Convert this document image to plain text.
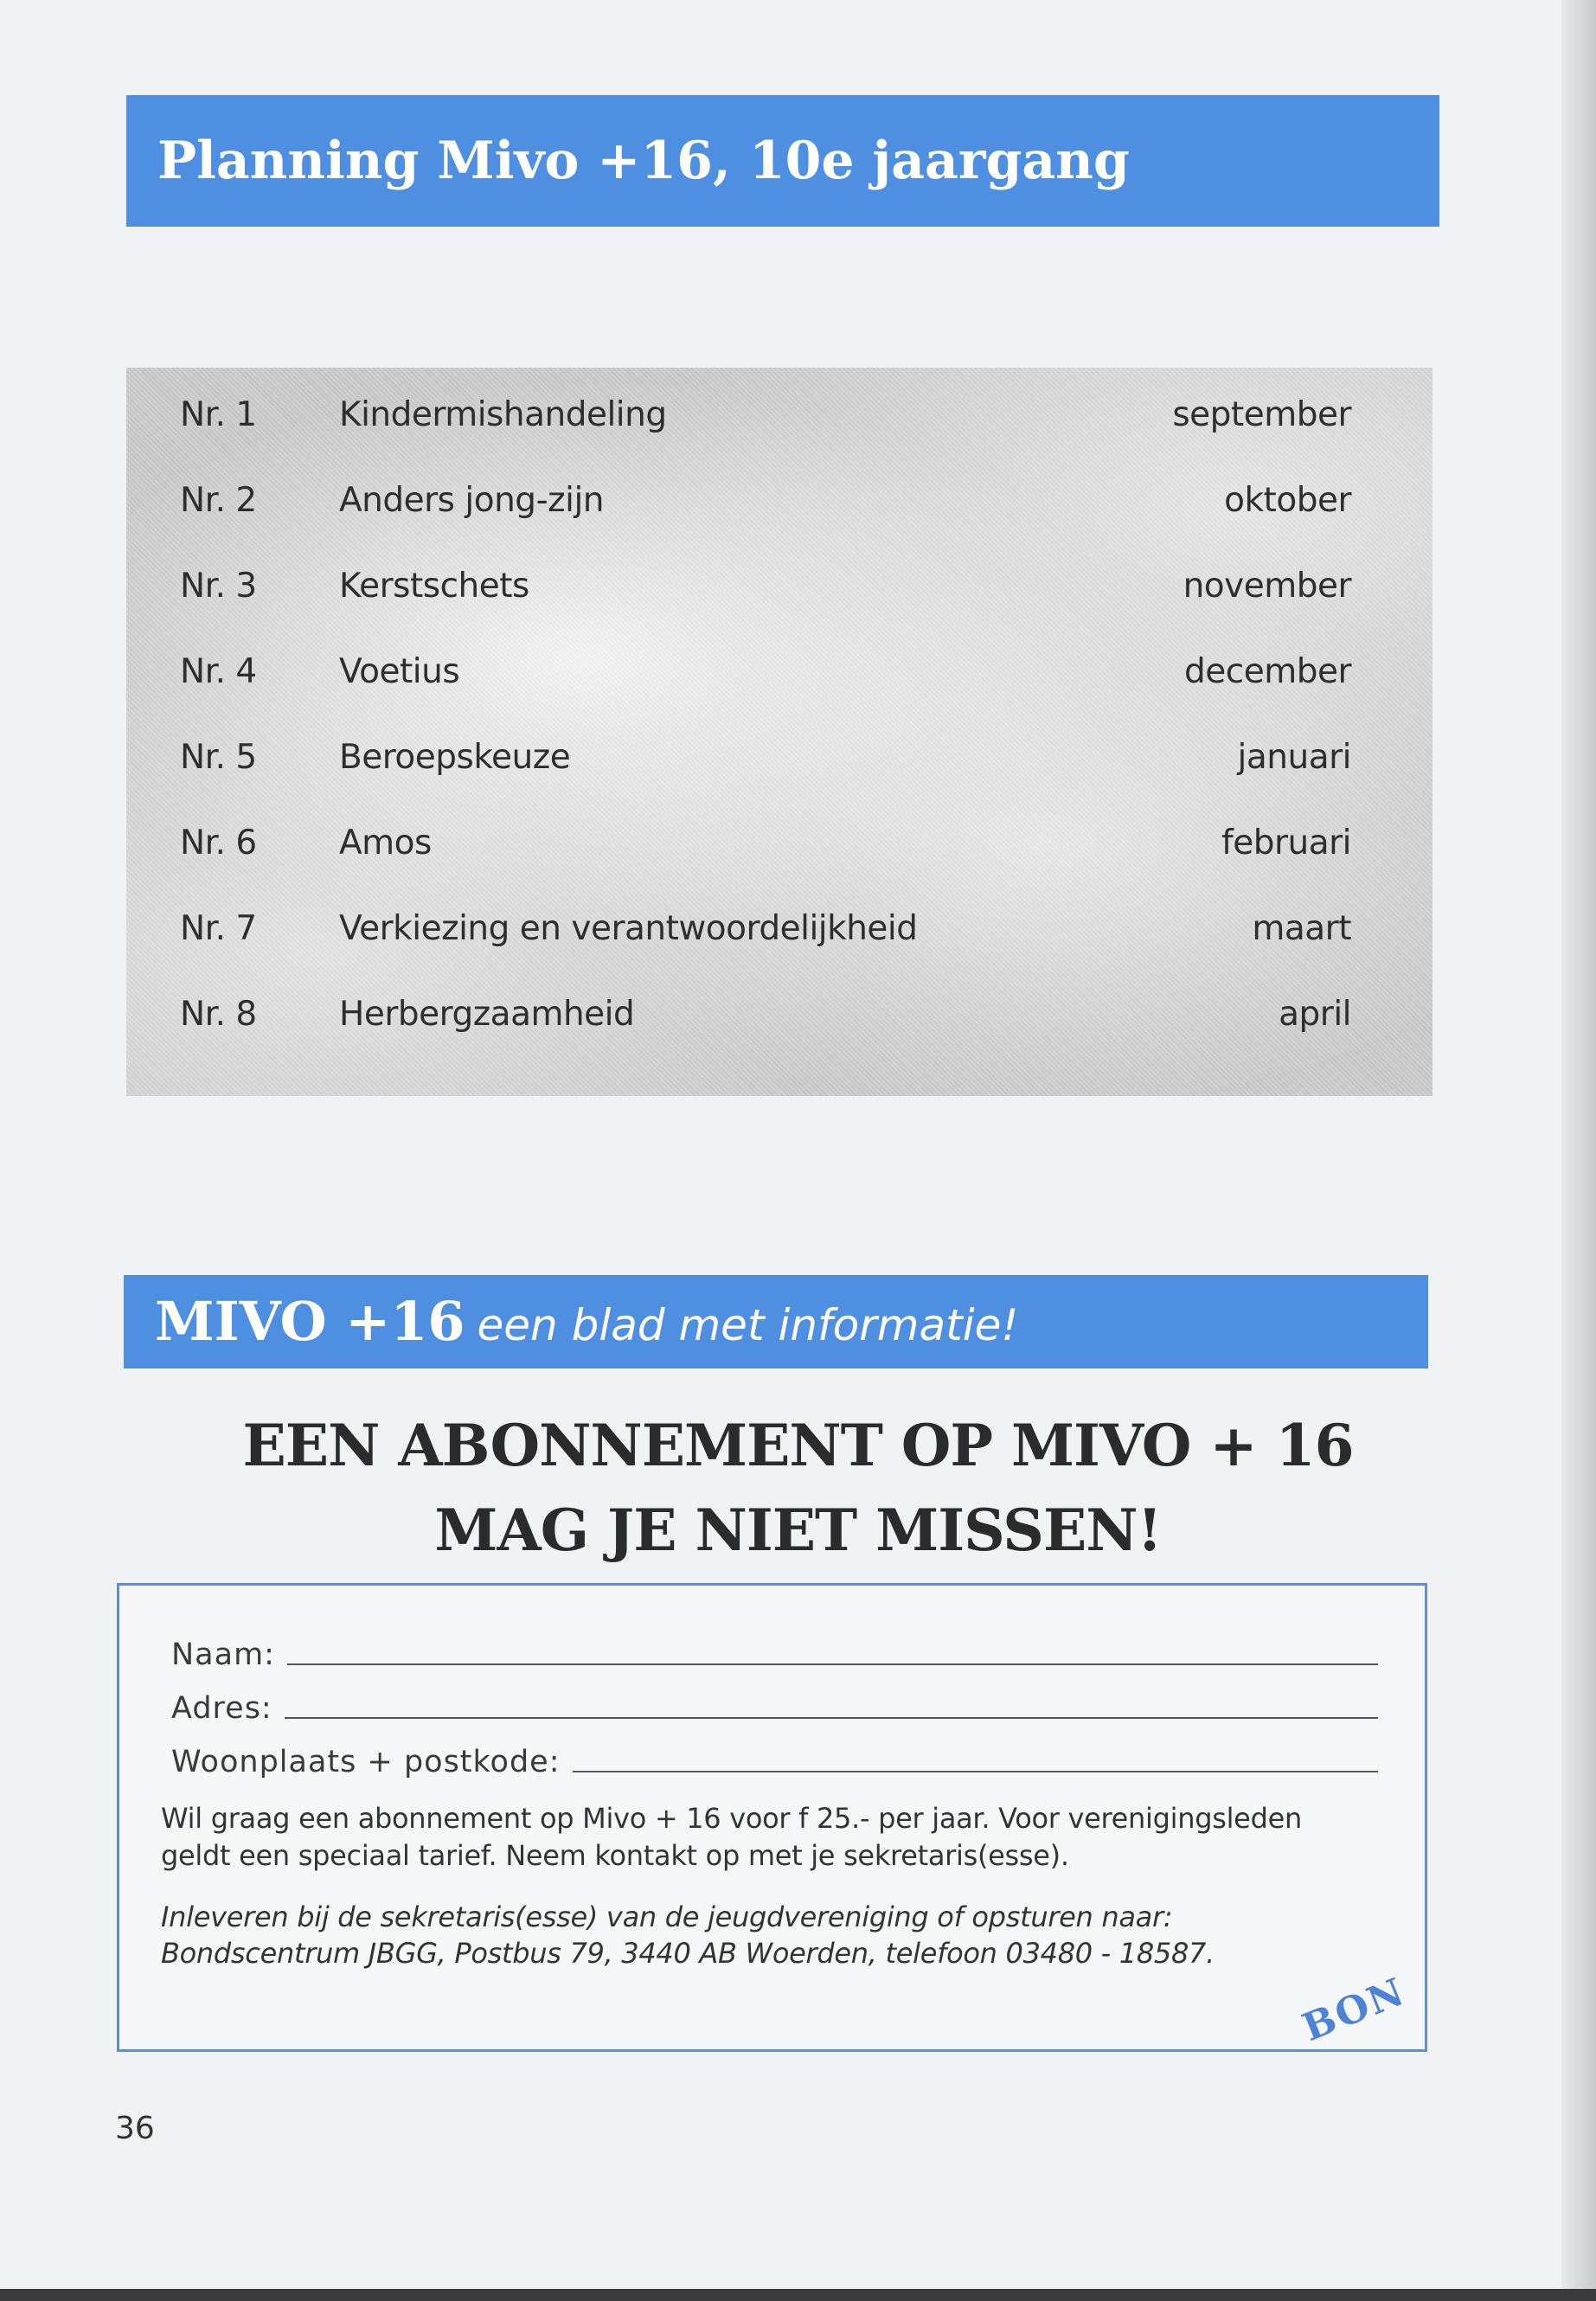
Planning Mivo +16, 10e jaargang
Nr. 1 Kindermishandeling	september
Nr. 2 Anders jong-zijn	oktober
Nr. 3 Kerstschets	november
Nr. 4 Voetius	december
Nr. 5 Beroepskeuze	januari
Nr. 6 Amos	februari
Nr. 7 Verkiezing en verantwoordelijkheid	maart
Nr. 8 Herbergzaamheid	april
MIVO +16 een blad met informatie!
EEN ABONNEMENT OP MIVO + 16
MAG JE NIET MISSEN!
Naam:
Adres:
Woonplaats + postkode:
Wil graag een abonnement op Mivo + 16 voor f 25.- per jaar. Voor verenigingsleden geldt een speciaal tarief. Neem kontakt op met je sekretaris(esse).
Inleveren bij de sekretaris(esse) van de jeugdvereniging of opsturen naar: Bondscentrum JBGG, Postbus 79, 3440 AB Woerden, telefoon 03480 - 18587.
BON
36
